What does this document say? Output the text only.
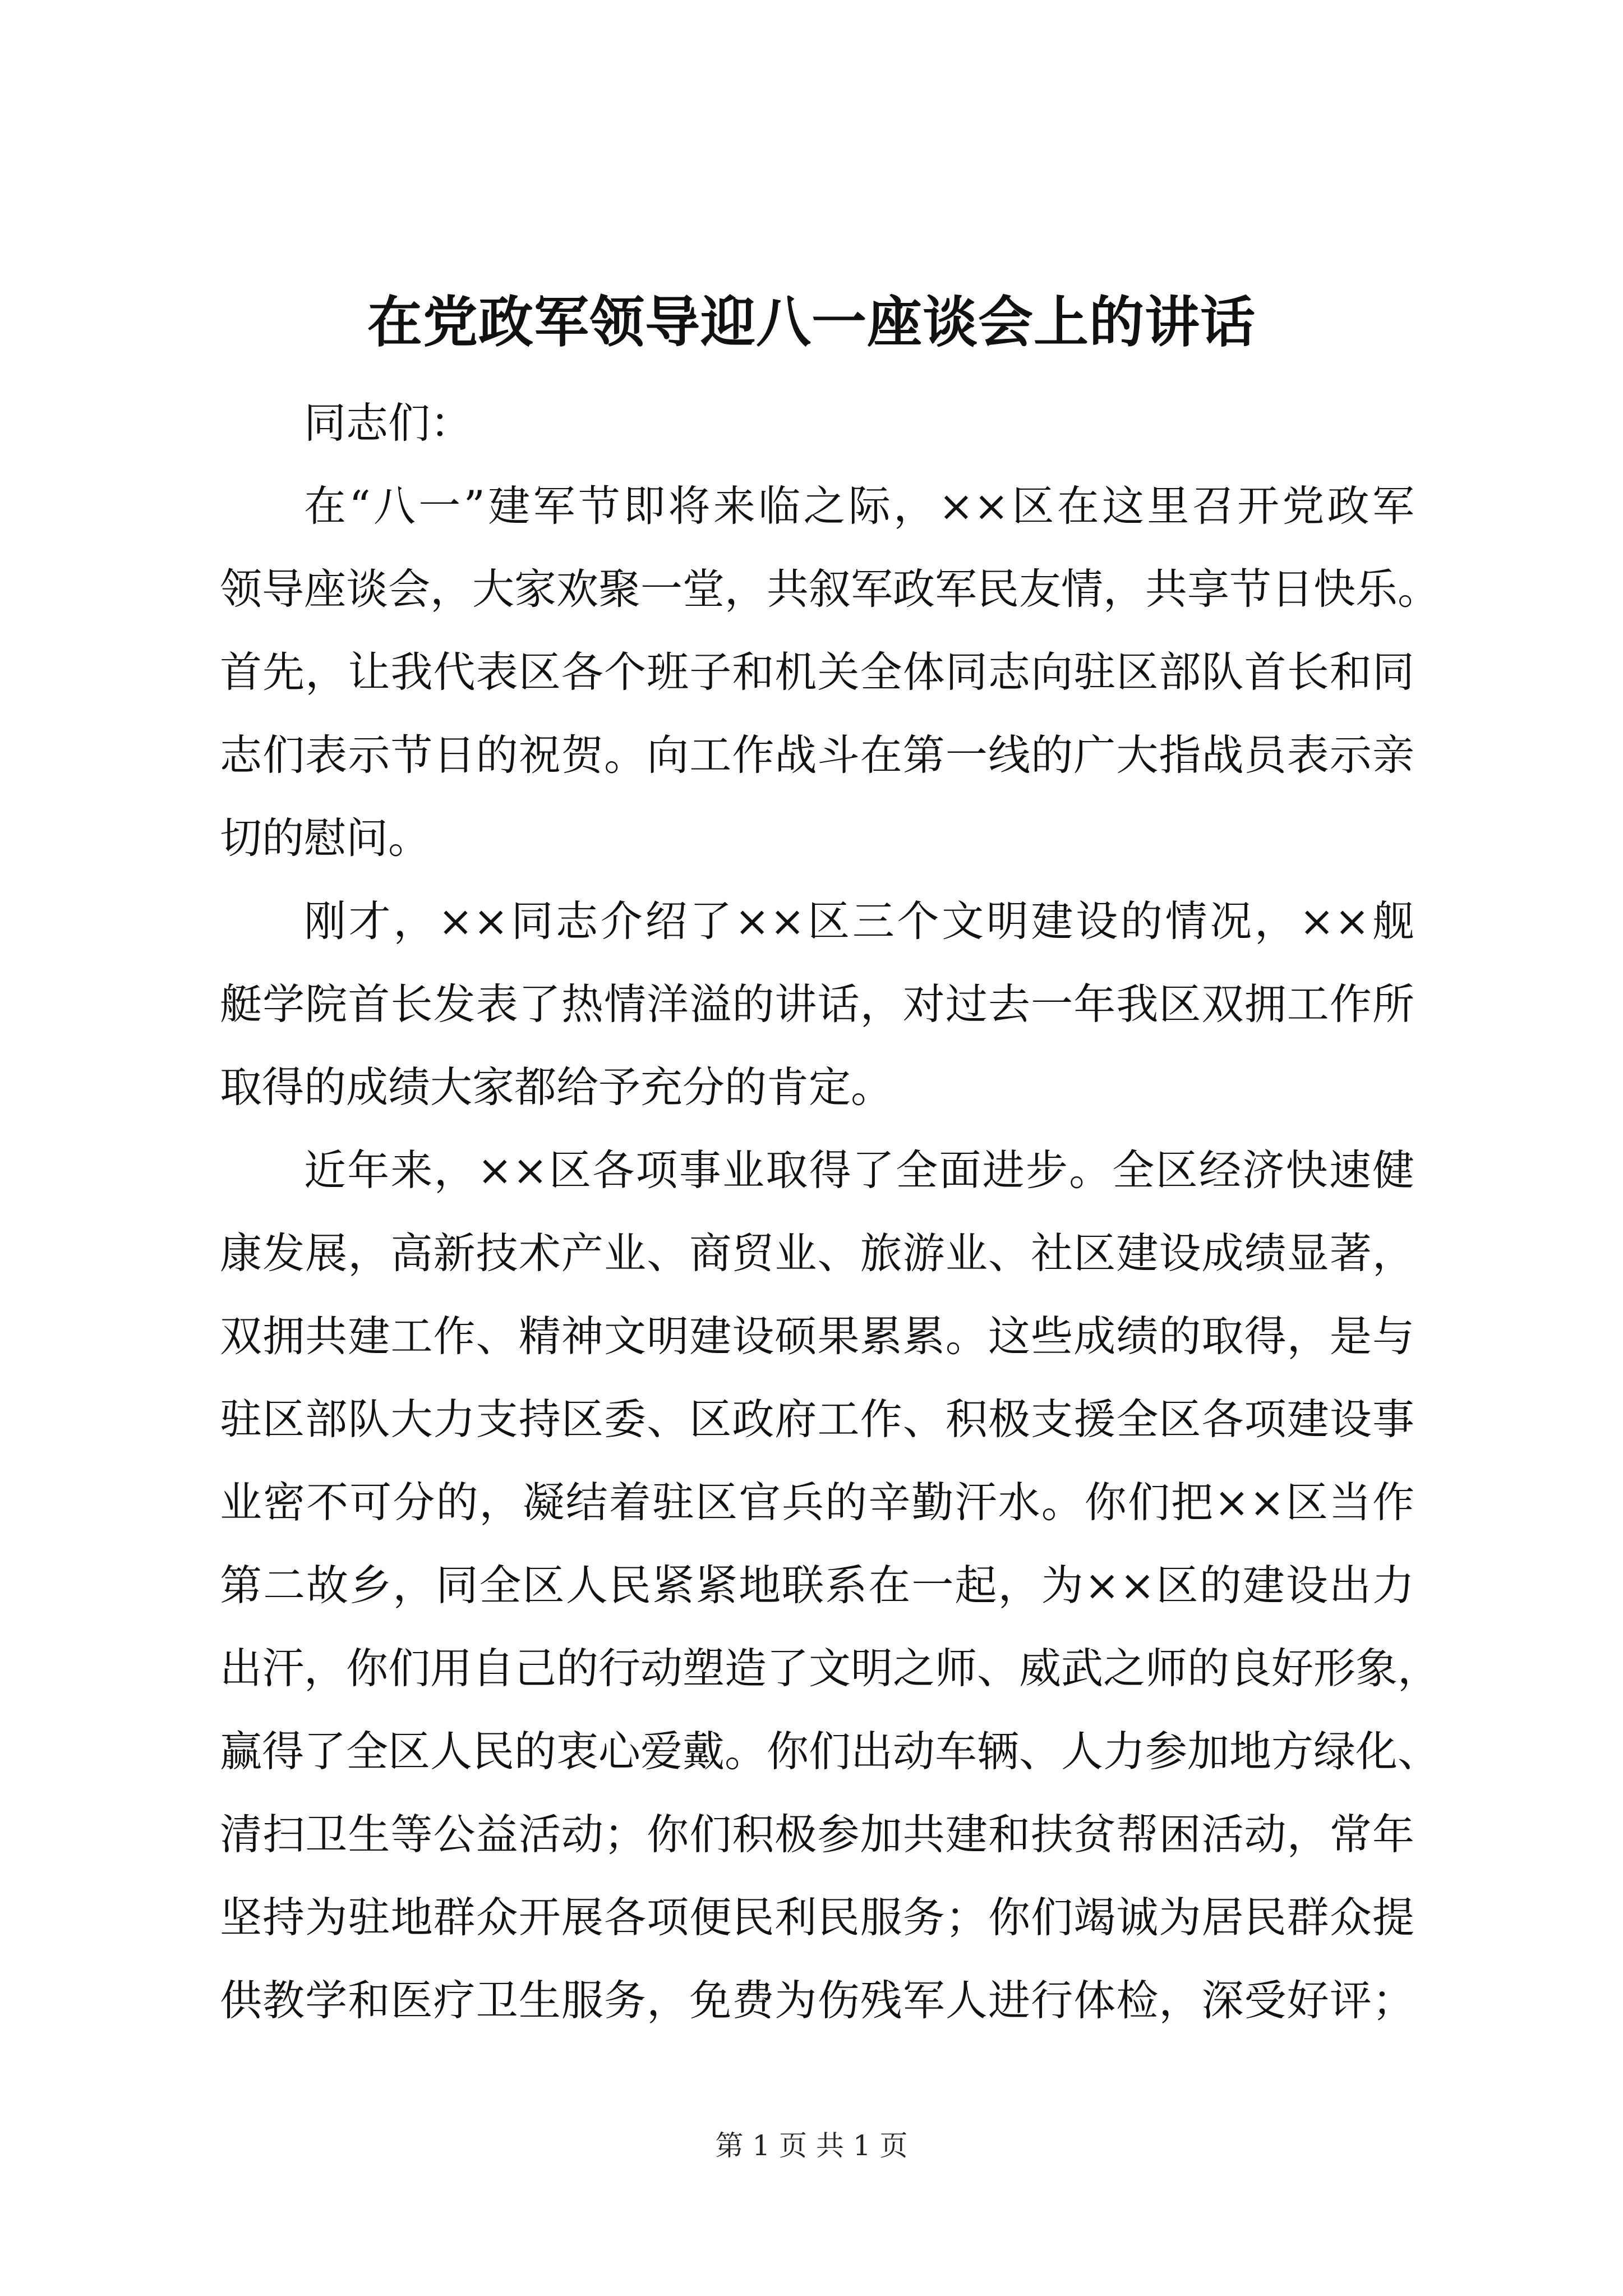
在党政军领导迎八一座谈会上的讲话

同志们：

在“八一”建军节即将来临之际，××区在这里召开党政军
领导座谈会，大家欢聚一堂，共叙军政军民友情，共享节日快乐。
首先，让我代表区各个班子和机关全体同志向驻区部队首长和同
志们表示节日的祝贺。向工作战斗在第一线的广大指战员表示亲
切的慰问。

刚才，××同志介绍了××区三个文明建设的情况，××舰
艇学院首长发表了热情洋溢的讲话，对过去一年我区双拥工作所
取得的成绩大家都给予充分的肯定。

近年来，××区各项事业取得了全面进步。全区经济快速健
康发展，高新技术产业、商贸业、旅游业、社区建设成绩显著，
双拥共建工作、精神文明建设硕果累累。这些成绩的取得，是与
驻区部队大力支持区委、区政府工作、积极支援全区各项建设事
业密不可分的，凝结着驻区官兵的辛勤汗水。你们把××区当作
第二故乡，同全区人民紧紧地联系在一起，为××区的建设出力
出汗，你们用自己的行动塑造了文明之师、威武之师的良好形象，
赢得了全区人民的衷心爱戴。你们出动车辆、人力参加地方绿化、
清扫卫生等公益活动；你们积极参加共建和扶贫帮困活动，常年
坚持为驻地群众开展各项便民利民服务；你们竭诚为居民群众提
供教学和医疗卫生服务，免费为伤残军人进行体检，深受好评；

第 1 页 共 1 页
